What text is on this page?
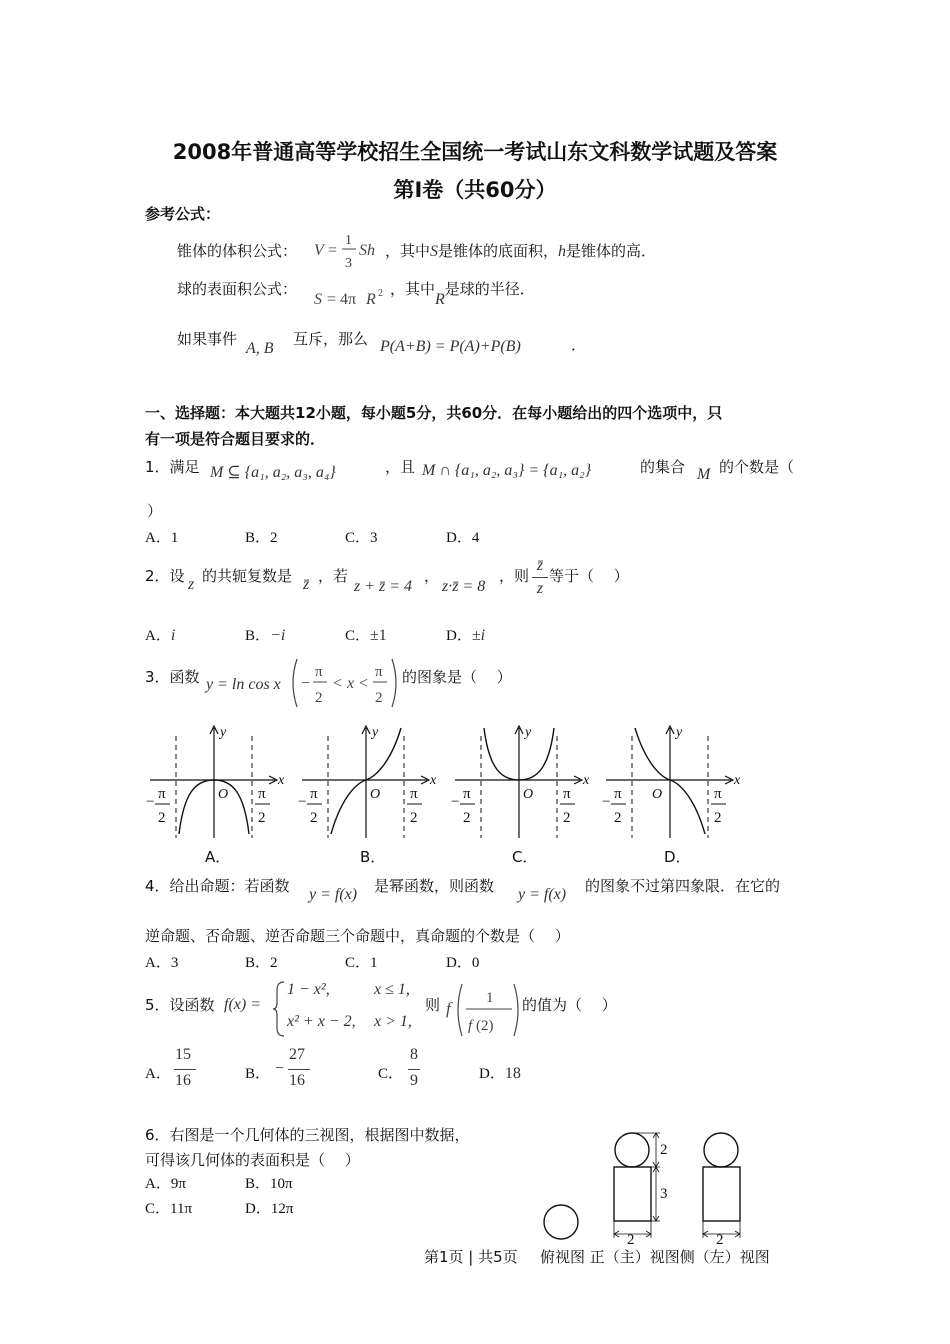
2008年普通高等学校招生全国统一考试山东文科数学试题及答案
第Ⅰ卷（共60分）
参考公式：
锥体的体积公式： V =
1
3
Sh ，其中S是锥体的底面积，h是锥体的高．
球的表面积公式：
S = 4π R 2 ，其中R是球的半径．
如果事件
A, B
互斥，那么 P(A+B) = P(A)+P(B)	．
一、选择题：本大题共12小题，每小题5分，共60分．在每小题给出的四个选项中，只
有一项是符合题目要求的．
1．满足 M ⊆ {a₁, a₂, a₃, a₄}	，且 M ∩ {a₁, a₂, a₃} = {a₁, a₂}	的集合 M 的个数是（
）
A．1	B．2	C．3	D．4
2．设 z 的共轭复数是 z̄ ，若
z + z̄ = 4
，
z·z̄ = 8
，则
z̄
z
等于（　 ）
A．i	B．−i	C．±1	D．±i
3．函数 y = ln cos x −
π
2
< x <
π
2
的图象是（　 ）
x
y
O
− π
2
π
2
x
y
O
− π
2
π
2
x
y
O
− π
2
π
2
x
y
O
− π
2
π
2
A．	B．	C．	D．
4．给出命题：若函数 y = f(x) 是幂函数，则函数 y = f(x) 的图象不过第四象限．在它的
逆命题、否命题、逆否命题三个命题中，真命题的个数是（　 ）
A．3	B．2	C．1	D．0
5．设函数 f(x) =
1 − x²,	x ≤ 1,
x² + x − 2, x > 1,
则 f
1
f (2)
的值为（　 ）
A．
15
16	B． −
27
16	C．
8
9	D．18
6．右图是一个几何体的三视图，根据图中数据，
可得该几何体的表面积是（　 ）
A．9π	B．10π
C．11π	D．12π
2
3
2	2
第1页 | 共5页 俯视图 正（主）视图侧（左）视图
